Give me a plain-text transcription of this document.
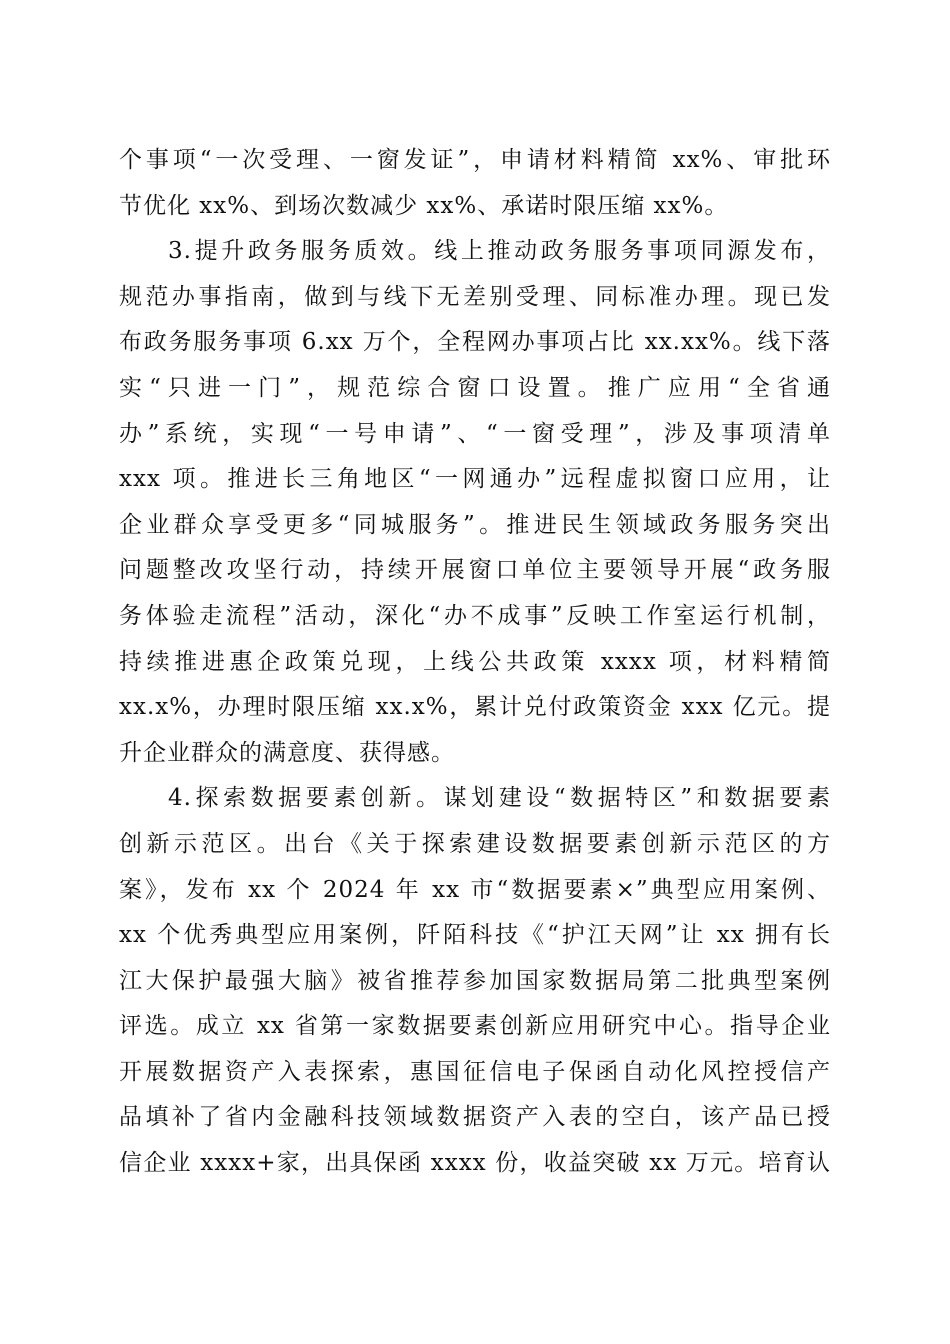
个事项“一次受理、一窗发证”，申请材料精简 xx%、审批环
节优化 xx%、到场次数减少 xx%、承诺时限压缩 xx%。
3.提升政务服务质效。线上推动政务服务事项同源发布，
规范办事指南，做到与线下无差别受理、同标准办理。现已发
布政务服务事项 6.xx 万个，全程网办事项占比 xx.xx%。线下落
实“只进一门”，规范综合窗口设置。推广应用“全省通
办”系统，实现“一号申请”、“一窗受理”，涉及事项清单
xxx 项。推进长三角地区“一网通办”远程虚拟窗口应用，让
企业群众享受更多“同城服务”。推进民生领域政务服务突出
问题整改攻坚行动，持续开展窗口单位主要领导开展“政务服
务体验走流程”活动，深化“办不成事”反映工作室运行机制，
持续推进惠企政策兑现，上线公共政策 xxxx 项，材料精简
xx.x%，办理时限压缩 xx.x%，累计兑付政策资金 xxx 亿元。提
升企业群众的满意度、获得感。
4.探索数据要素创新。谋划建设“数据特区”和数据要素
创新示范区。出台《关于探索建设数据要素创新示范区的方
案》，发布 xx 个 2024 年 xx 市“数据要素×”典型应用案例、
xx 个优秀典型应用案例，阡陌科技《“护江天网”让 xx 拥有长
江大保护最强大脑》被省推荐参加国家数据局第二批典型案例
评选。成立 xx 省第一家数据要素创新应用研究中心。指导企业
开展数据资产入表探索，惠国征信电子保函自动化风控授信产
品填补了省内金融科技领域数据资产入表的空白，该产品已授
信企业 xxxx+家，出具保函 xxxx 份，收益突破 xx 万元。培育认
